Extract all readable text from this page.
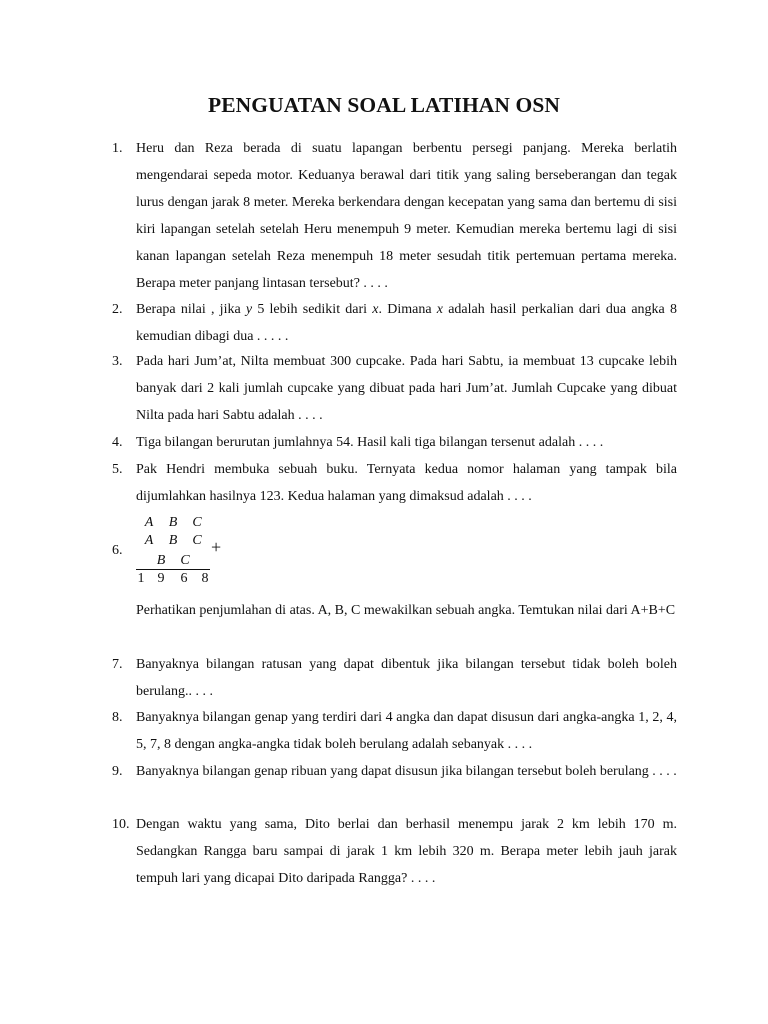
PENGUATAN SOAL LATIHAN OSN
1. Heru dan Reza berada di suatu lapangan berbentu persegi panjang. Mereka berlatih mengendarai sepeda motor. Keduanya berawal dari titik yang saling berseberangan dan tegak lurus dengan jarak 8 meter. Mereka berkendara dengan kecepatan yang sama dan bertemu di sisi kiri lapangan setelah setelah Heru menempuh 9 meter. Kemudian mereka bertemu lagi di sisi kanan lapangan setelah Reza menempuh 18 meter sesudah titik pertemuan pertama mereka. Berapa meter panjang lintasan tersebut? . . . .

2. Berapa nilai , jika y 5 lebih sedikit dari x. Dimana x adalah hasil perkalian dari dua angka 8 kemudian dibagi dua . . . . .

3. Pada hari Jum’at, Nilta membuat 300 cupcake. Pada hari Sabtu, ia membuat 13 cupcake lebih banyak dari 2 kali jumlah cupcake yang dibuat pada hari Jum’at. Jumlah Cupcake yang dibuat Nilta pada hari Sabtu adalah . . . .

4. Tiga bilangan berurutan jumlahnya 54. Hasil kali tiga bilangan tersenut adalah . . . .

5. Pak Hendri membuka sebuah buku. Ternyata kedua nomor halaman yang tampak bila dijumlahkan hasilnya 123. Kedua halaman yang dimaksud adalah . . . .

6.
A B C
A B C
B C
+
1 9 6 8

Perhatikan penjumlahan di atas. A, B, C mewakilkan sebuah angka. Temtukan nilai dari A+B+C

7. Banyaknya bilangan ratusan yang dapat dibentuk jika bilangan tersebut tidak boleh boleh berulang.. . . .

8. Banyaknya bilangan genap yang terdiri dari 4 angka dan dapat disusun dari angka-angka 1, 2, 4, 5, 7, 8 dengan angka-angka tidak boleh berulang adalah sebanyak . . . .

9. Banyaknya bilangan genap ribuan yang dapat disusun jika bilangan tersebut boleh berulang . . . .

10. Dengan waktu yang sama, Dito berlai dan berhasil menempu jarak 2 km lebih 170 m. Sedangkan Rangga baru sampai di jarak 1 km lebih 320 m. Berapa meter lebih jauh jarak tempuh lari yang dicapai Dito daripada Rangga? . . . .
